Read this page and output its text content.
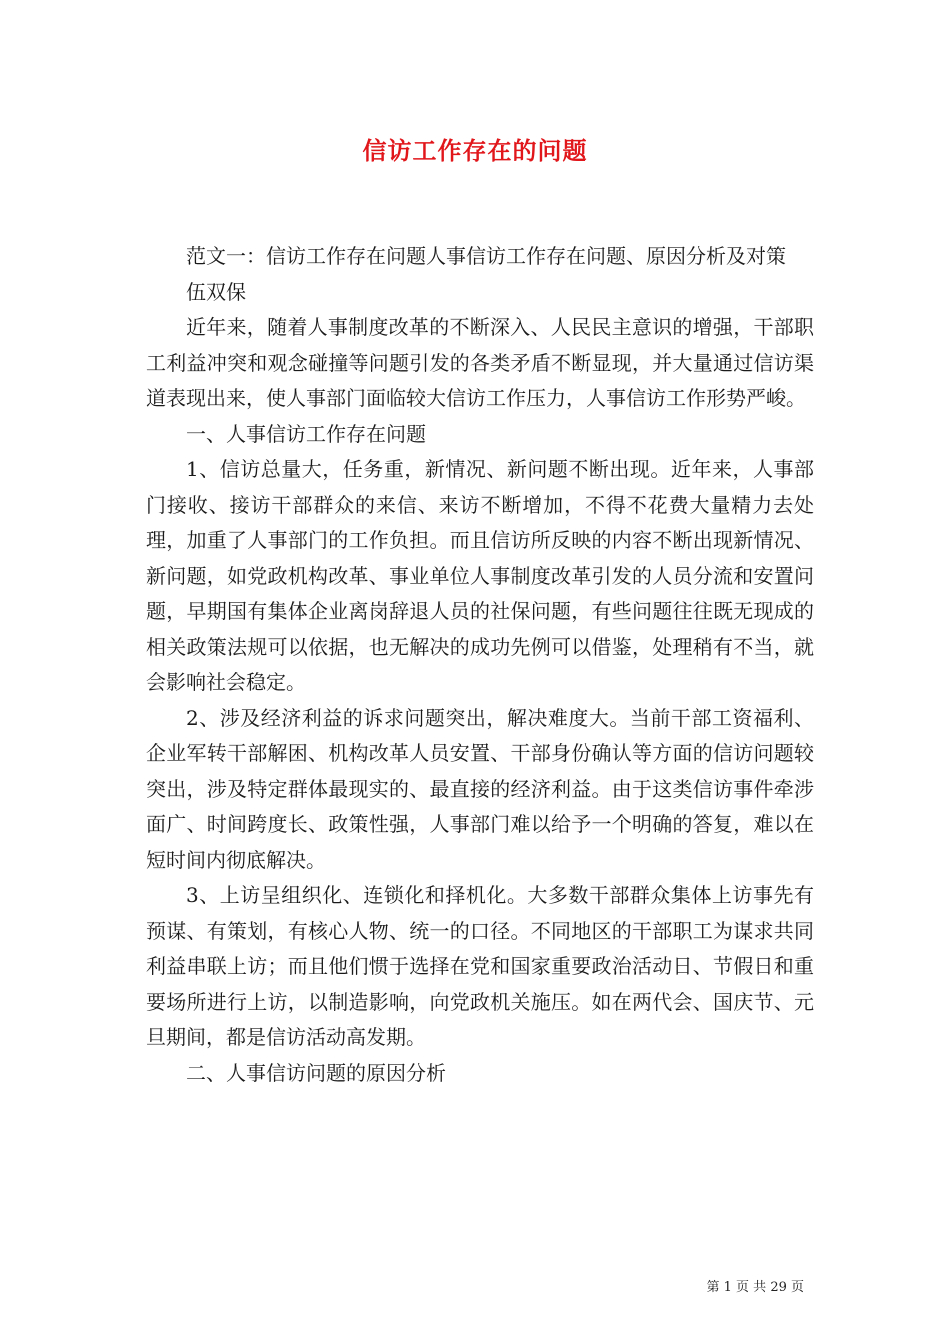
信访工作存在的问题

范文一：信访工作存在问题人事信访工作存在问题、原因分析及对策

伍双保

近年来，随着人事制度改革的不断深入、人民民主意识的增强，干部职工利益冲突和观念碰撞等问题引发的各类矛盾不断显现，并大量通过信访渠道表现出来，使人事部门面临较大信访工作压力，人事信访工作形势严峻。

一、人事信访工作存在问题

1、信访总量大，任务重，新情况、新问题不断出现。近年来，人事部门接收、接访干部群众的来信、来访不断增加，不得不花费大量精力去处理，加重了人事部门的工作负担。而且信访所反映的内容不断出现新情况、新问题，如党政机构改革、事业单位人事制度改革引发的人员分流和安置问题，早期国有集体企业离岗辞退人员的社保问题，有些问题往往既无现成的相关政策法规可以依据，也无解决的成功先例可以借鉴，处理稍有不当，就会影响社会稳定。

2、涉及经济利益的诉求问题突出，解决难度大。当前干部工资福利、企业军转干部解困、机构改革人员安置、干部身份确认等方面的信访问题较突出，涉及特定群体最现实的、最直接的经济利益。由于这类信访事件牵涉面广、时间跨度长、政策性强，人事部门难以给予一个明确的答复，难以在短时间内彻底解决。

3、上访呈组织化、连锁化和择机化。大多数干部群众集体上访事先有预谋、有策划，有核心人物、统一的口径。不同地区的干部职工为谋求共同利益串联上访；而且他们惯于选择在党和国家重要政治活动日、节假日和重要场所进行上访，以制造影响，向党政机关施压。如在两代会、国庆节、元旦期间，都是信访活动高发期。

二、人事信访问题的原因分析

第 1 页 共 29 页
